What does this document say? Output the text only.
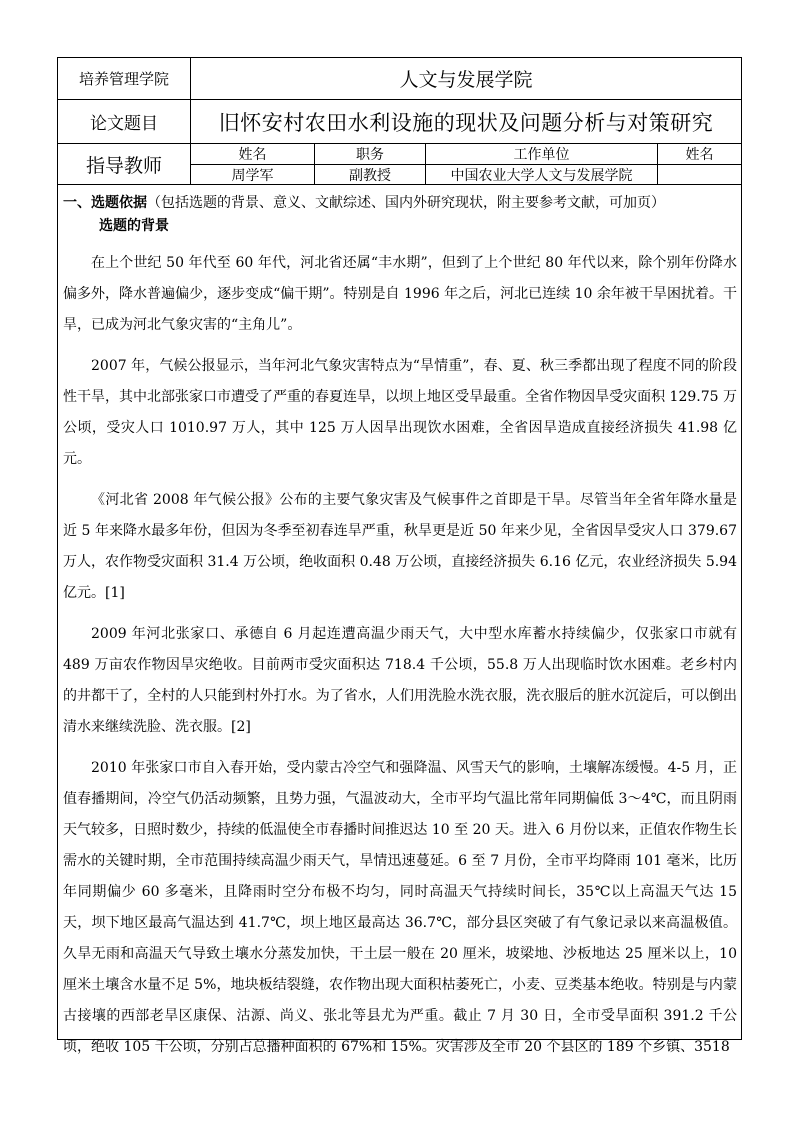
培养管理学院	人文与发展学院
论文题目	旧怀安村农田水利设施的现状及问题分析与对策研究
指导教师	姓名	职务	工作单位	姓名
周学军	副教授	中国农业大学人文与发展学院
一、选题依据（包括选题的背景、意义、文献综述、国内外研究现状，附主要参考文献，可加页）
选题的背景

在上个世纪 50 年代至 60 年代，河北省还属“丰水期”，但到了上个世纪 80 年代以来，除个别年份降水偏多外，降水普遍偏少，逐步变成“偏干期”。特别是自 1996 年之后，河北已连续 10 余年被干旱困扰着。干旱，已成为河北气象灾害的“主角儿”。

2007 年，气候公报显示，当年河北气象灾害特点为“旱情重”，春、夏、秋三季都出现了程度不同的阶段性干旱，其中北部张家口市遭受了严重的春夏连旱，以坝上地区受旱最重。全省作物因旱受灾面积 129.75 万公顷，受灾人口 1010.97 万人，其中 125 万人因旱出现饮水困难，全省因旱造成直接经济损失 41.98 亿元。

《河北省 2008 年气候公报》公布的主要气象灾害及气候事件之首即是干旱。尽管当年全省年降水量是近 5 年来降水最多年份，但因为冬季至初春连旱严重，秋旱更是近 50 年来少见，全省因旱受灾人口 379.67 万人，农作物受灾面积 31.4 万公顷，绝收面积 0.48 万公顷，直接经济损失 6.16 亿元，农业经济损失 5.94 亿元。[1]

2009 年河北张家口、承德自 6 月起连遭高温少雨天气，大中型水库蓄水持续偏少，仅张家口市就有 489 万亩农作物因旱灾绝收。目前两市受灾面积达 718.4 千公顷，55.8 万人出现临时饮水困难。老乡村内的井都干了，全村的人只能到村外打水。为了省水，人们用洗脸水洗衣服，洗衣服后的脏水沉淀后，可以倒出清水来继续洗脸、洗衣服。[2]

2010 年张家口市自入春开始，受内蒙古冷空气和强降温、风雪天气的影响，土壤解冻缓慢。4-5 月，正值春播期间，冷空气仍活动频繁，且势力强，气温波动大，全市平均气温比常年同期偏低 3～4℃，而且阴雨天气较多，日照时数少，持续的低温使全市春播时间推迟达 10 至 20 天。进入 6 月份以来，正值农作物生长需水的关键时期，全市范围持续高温少雨天气，旱情迅速蔓延。6 至 7 月份，全市平均降雨 101 毫米，比历年同期偏少 60 多毫米，且降雨时空分布极不均匀，同时高温天气持续时间长，35℃以上高温天气达 15 天，坝下地区最高气温达到 41.7℃，坝上地区最高达 36.7℃，部分县区突破了有气象记录以来高温极值。久旱无雨和高温天气导致土壤水分蒸发加快，干土层一般在 20 厘米，坡梁地、沙板地达 25 厘米以上，10 厘米土壤含水量不足 5%，地块板结裂缝，农作物出现大面积枯萎死亡，小麦、豆类基本绝收。特别是与内蒙古接壤的西部老旱区康保、沽源、尚义、张北等县尤为严重。截止 7 月 30 日，全市受旱面积 391.2 千公顷，绝收 105 千公顷，分别占总播种面积的 67%和 15%。灾害涉及全市 20 个县区的 189 个乡镇、3518
